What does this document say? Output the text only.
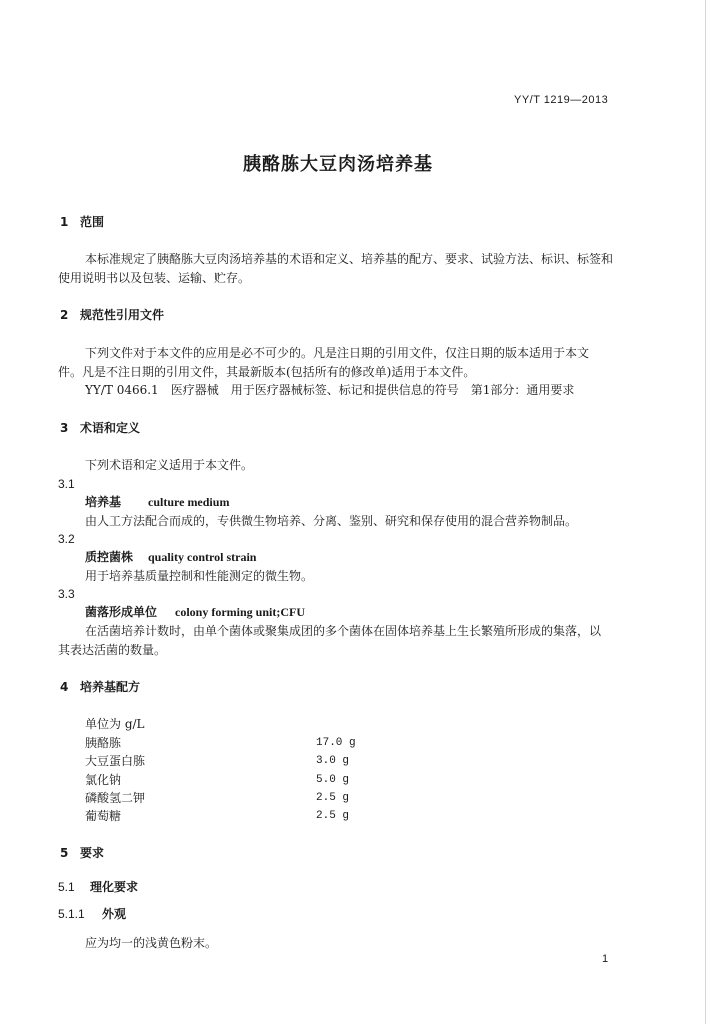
YY/T 1219—2013
胰酪胨大豆肉汤培养基
1 范围
本标准规定了胰酪胨大豆肉汤培养基的术语和定义、培养基的配方、要求、试验方法、标识、标签和
使用说明书以及包装、运输、贮存。
2 规范性引用文件
下列文件对于本文件的应用是必不可少的。凡是注日期的引用文件，仅注日期的版本适用于本文
件。凡是不注日期的引用文件，其最新版本(包括所有的修改单)适用于本文件。
YY/T 0466.1　医疗器械　用于医疗器械标签、标记和提供信息的符号　第1部分：通用要求
3 术语和定义
下列术语和定义适用于本文件。
3.1
培养基 culture medium
由人工方法配合而成的，专供微生物培养、分离、鉴别、研究和保存使用的混合营养物制品。
3.2
质控菌株 quality control strain
用于培养基质量控制和性能测定的微生物。
3.3
菌落形成单位 colony forming unit;CFU
在活菌培养计数时，由单个菌体或聚集成团的多个菌体在固体培养基上生长繁殖所形成的集落，以
其表达活菌的数量。
4 培养基配方
单位为 g/L
胰酪胨	17.0 g
大豆蛋白胨	3.0 g
氯化钠	5.0 g
磷酸氢二钾	2.5 g
葡萄糖	2.5 g
5 要求
5.1 理化要求
5.1.1 外观
应为均一的浅黄色粉末。
1
